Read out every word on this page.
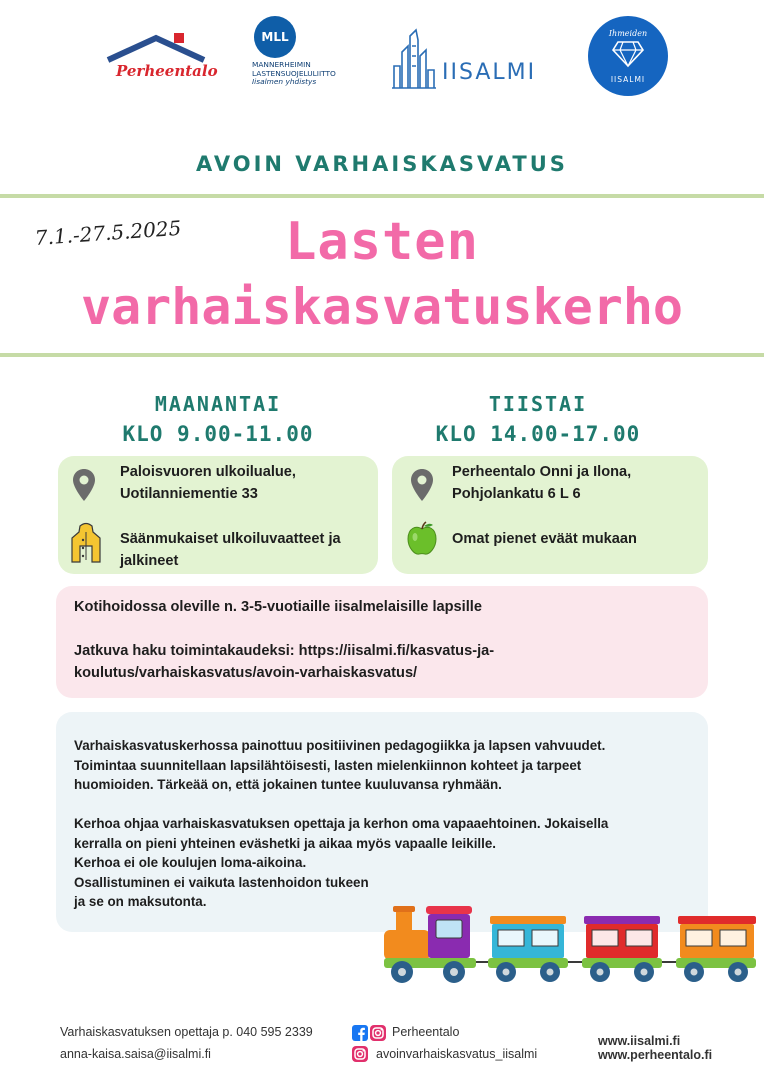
Perheentalo
MLL
MANNERHEIMIN
LASTENSUOJELULIITTO
Iisalmen yhdistys	IISALMI
Ihmeiden
IISALMI
AVOIN VARHAISKASVATUS
7.1.-27.5.2025	Lasten
varhaiskasvatuskerho
MAANANTAI
KLO 9.00-11.00
TIISTAI
KLO 14.00-17.00
Paloisvuoren ulkoilualue,
Uotilanniementie 33
Säänmukaiset ulkoiluvaatteet ja
jalkineet
Perheentalo Onni ja Ilona,
Pohjolankatu 6 L 6
Omat pienet eväät mukaan
Kotihoidossa oleville n. 3-5-vuotiaille iisalmelaisille lapsille
Jatkuva haku toimintakaudeksi: https://iisalmi.fi/kasvatus-ja-
koulutus/varhaiskasvatus/avoin-varhaiskasvatus/
Varhaiskasvatuskerhossa painottuu positiivinen pedagogiikka ja lapsen vahvuudet.
Toimintaa suunnitellaan lapsilähtöisesti, lasten mielenkiinnon kohteet ja tarpeet
huomioiden. Tärkeää on, että jokainen tuntee kuuluvansa ryhmään.
Kerhoa ohjaa varhaiskasvatuksen opettaja ja kerhon oma vapaaehtoinen. Jokaisella
kerralla on pieni yhteinen eväshetki ja aikaa myös vapaalle leikille.
Kerhoa ei ole koulujen loma-aikoina.
Osallistuminen ei vaikuta lastenhoidon tukeen
ja se on maksutonta.
Varhaiskasvatuksen opettaja p. 040 595 2339
anna-kaisa.saisa@iisalmi.fi
Perheentalo
avoinvarhaiskasvatus_iisalmi
www.iisalmi.fi
www.perheentalo.fi
